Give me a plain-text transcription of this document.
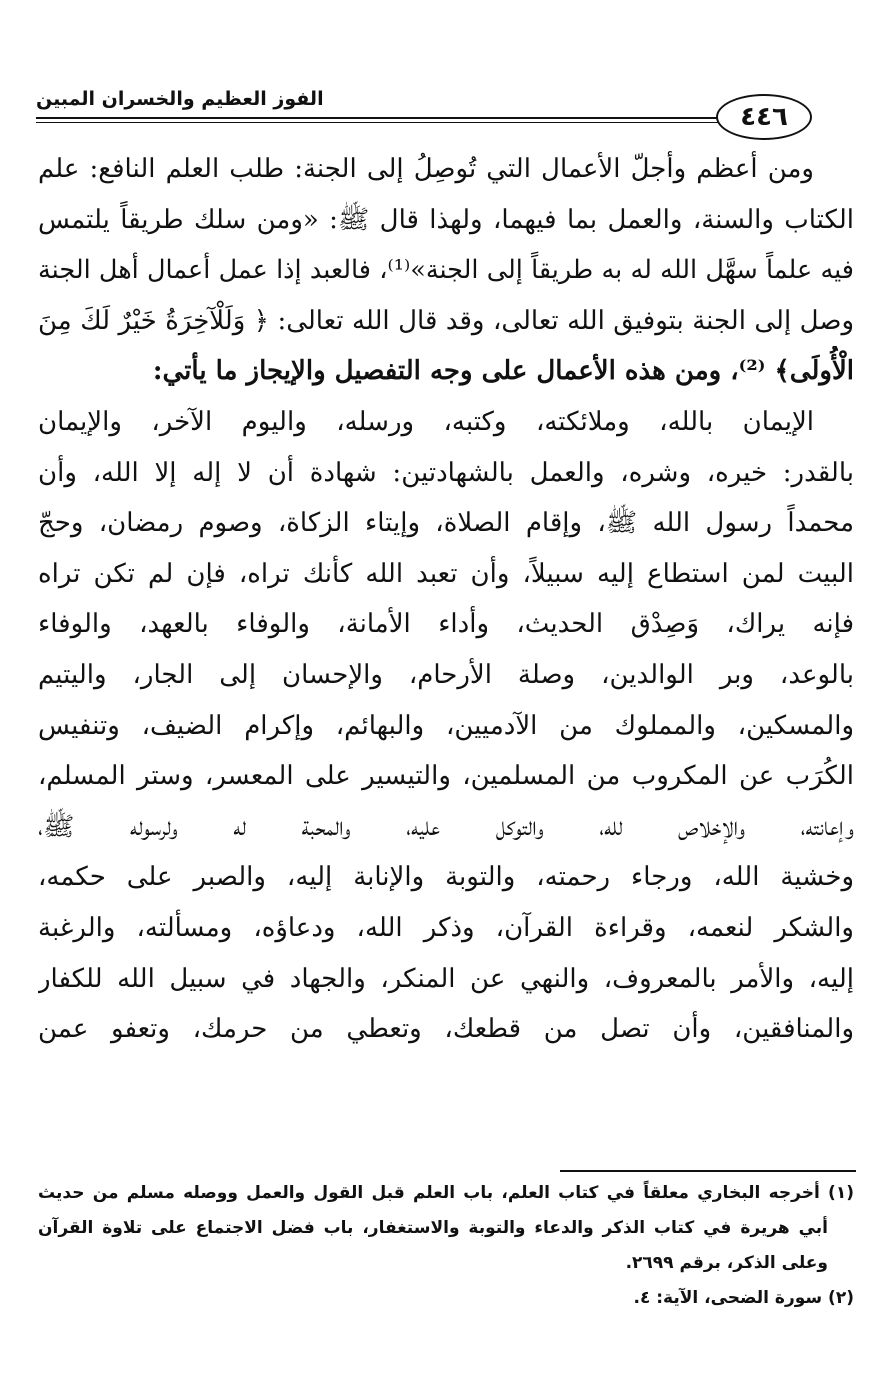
٤٤٦
الفوز العظيم والخسران المبين
ومن أعظم وأجلّ الأعمال التي تُوصِلُ إلى الجنة: طلب العلم النافع: علم
الكتاب والسنة، والعمل بما فيهما، ولهذا قال ﷺ: «ومن سلك طريقاً يلتمس
فيه علماً سهَّل الله له به طريقاً إلى الجنة»⁽¹⁾، فالعبد إذا عمل أعمال أهل الجنة
وصل إلى الجنة بتوفيق الله تعالى، وقد قال الله تعالى: ﴿ وَلَلْآخِرَةُ خَيْرٌ لَكَ مِنَ
الْأُولَى﴾ ⁽²⁾، ومن هذه الأعمال على وجه التفصيل والإيجاز ما يأتي:
الإيمان بالله، وملائكته، وكتبه، ورسله، واليوم الآخر، والإيمان
بالقدر: خيره، وشره، والعمل بالشهادتين: شهادة أن لا إله إلا الله، وأن
محمداً رسول الله ﷺ، وإقام الصلاة، وإيتاء الزكاة، وصوم رمضان، وحجّ
البيت لمن استطاع إليه سبيلاً، وأن تعبد الله كأنك تراه، فإن لم تكن تراه
فإنه يراك، وَصِدْق الحديث، وأداء الأمانة، والوفاء بالعهد، والوفاء
بالوعد، وبر الوالدين، وصلة الأرحام، والإحسان إلى الجار، واليتيم
والمسكين، والمملوك من الآدميين، والبهائم، وإكرام الضيف، وتنفيس
الكُرَب عن المكروب من المسلمين، والتيسير على المعسر، وستر المسلم،
وإعانته، والإخلاص لله، والتوكل عليه، والمحبة له ولرسوله ﷺ،
وخشية الله، ورجاء رحمته، والتوبة والإنابة إليه، والصبر على حكمه،
والشكر لنعمه، وقراءة القرآن، وذكر الله، ودعاؤه، ومسألته، والرغبة
إليه، والأمر بالمعروف، والنهي عن المنكر، والجهاد في سبيل الله للكفار
والمنافقين، وأن تصل من قطعك، وتعطي من حرمك، وتعفو عمن
(١) أخرجه البخاري معلقاً في كتاب العلم، باب العلم قبل القول والعمل ووصله مسلم من حديث
أبي هريرة في كتاب الذكر والدعاء والتوبة والاستغفار، باب فضل الاجتماع على تلاوة القرآن
وعلى الذكر، برقم ٢٦٩٩.
(٢) سورة الضحى، الآية: ٤.
